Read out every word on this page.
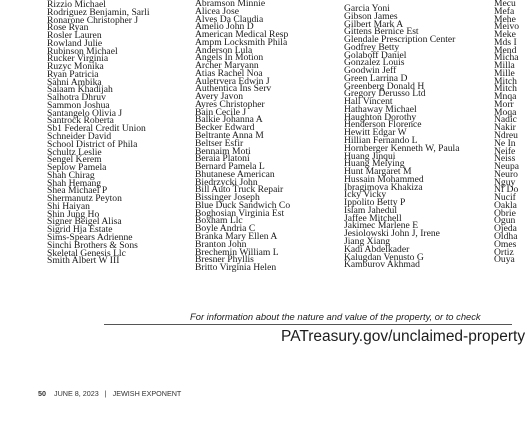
Rizzio Michael
Rodriguez Benjamin, Sarli
Ronarone Christopher J
Rose Ryan
Rosler Lauren
Rowland Julie
Rubinson Michael
Rucker Virginia
Ruzyc Monika
Ryan Patricia
Sahni Ambika
Salaam Khadijah
Salhotra Dhruv
Sammon Joshua
Santangelo Olivia J
Santrock Roberta
Sb1 Federal Credit Union
Schneider David
School District of Phila
Schultz Leslie
Sengel Kerem
Seplow Pamela
Shah Chirag
Shah Hemang
Shea Michael P
Shermanutz Peyton
Shi Haiyan
Shin Jung Ho
Signer Beigel Alisa
Sigrid Hja Estate
Sims-Spears Adrienne
Sinchi Brothers & Sons
Skeletal Genesis Llc
Smith Albert W III
Abramson Minnie
Alicea Jose
Alves Da Claudia
Amelio John D
American Medical Resp
Ampm Locksmith Phila
Anderson Lula
Angels In Motion
Archer Maryann
Atias Rachel Noa
Auletrvera Edwin J
Authentica Ins Serv
Avery Javon
Ayres Christopher
Bain Cecile J
Balkie Johanna A
Becker Edward
Beltrante Anna M
Beltser Esfir
Bennaim Moti
Beraia Platoni
Bernard Pamela L
Bhutanese American
Biedrzycki John
Bill Auto Truck Repair
Bissinger Joseph
Blue Duck Sandwich Co
Boghosian Virginia Est
Boxham Llc
Boyle Andria C
Branka Mary Ellen A
Branton John
Brechemin William L
Bresner Phyllis
Britto Virginia Helen
Garcia Yoni
Gibson James
Gilbert Mark A
Gittens Bernice Est
Glendale Prescription Center
Godfrey Betty
Golaboff Daniel
Gonzalez Louis
Goodwin Jeff
Green Larrina D
Greenberg Donald H
Gregory Derusso Ltd
Hall Vincent
Hathaway Michael
Haughton Dorothy
Henderson Florence
Hewitt Edgar W
Hillian Fernando L
Hornberger Kenneth W, Paula
Huang Jinqui
Huang Meiying
Hunt Margaret M
Hussain Mohammed
Ibragimova Khakiza
Icky Vicky
Ippolito Betty P
Islam Jahedul
Jaffee Mitchell
Jakimec Marlene E
Jesiolowski John J, Irene
Jiang Xiang
Kadi Abdelkader
Kalugdan Venusto G
Kamburov Akhmad
Mecu
Mefa
Mehe
Meivo
Meke
Mds I
Mend
Micha
Milla
Mille
Mitch
Mitch
Mnqa
Morr
Moqa
Nadic
Nakir
Ndreu
Ne In
Neife
Neiss
Neupa
Neuro
Nguy
Nf Do
Nucif
Oakla
Obrie
Ogun
Ojeda
Oldha
Omes
Ortiz
Ouya
For information about the nature and value of the property, or to check
PATreasury.gov/unclaimed-property
50 JUNE 8, 2023 | JEWISH EXPONENT
